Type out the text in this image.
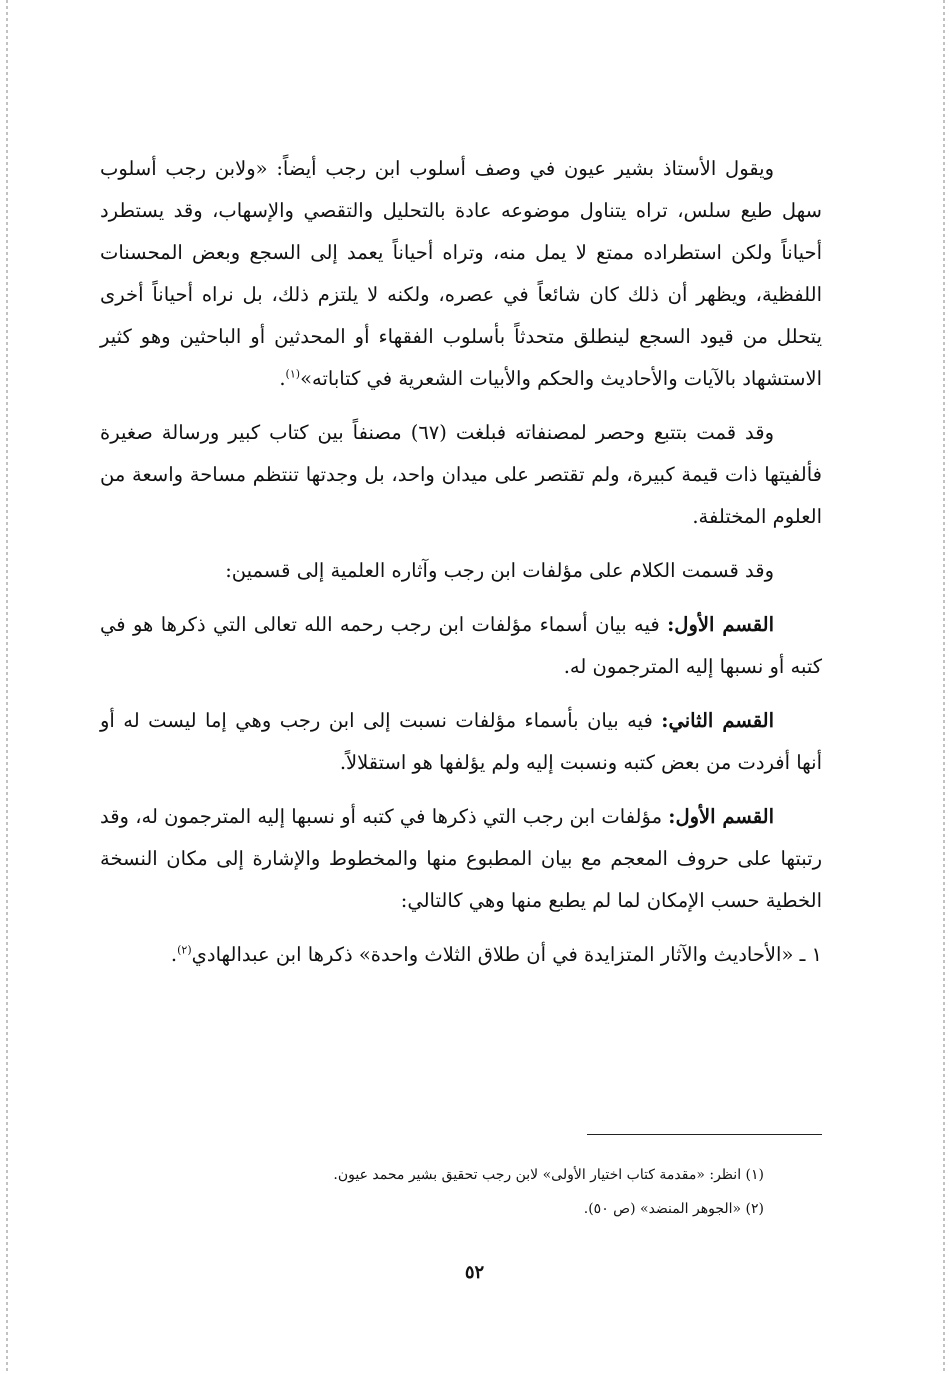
ويقول الأستاذ بشير عيون في وصف أسلوب ابن رجب أيضاً: «ولابن رجب أسلوب سهل طيع سلس، تراه يتناول موضوعه عادة بالتحليل والتقصي والإسهاب، وقد يستطرد أحياناً ولكن استطراده ممتع لا يمل منه، وتراه أحياناً يعمد إلى السجع وبعض المحسنات اللفظية، ويظهر أن ذلك كان شائعاً في عصره، ولكنه لا يلتزم ذلك، بل نراه أحياناً أخرى يتحلل من قيود السجع لينطلق متحدثاً بأسلوب الفقهاء أو المحدثين أو الباحثين وهو كثير الاستشهاد بالآيات والأحاديث والحكم والأبيات الشعرية في كتاباته»$^{(١)}$.

وقد قمت بتتبع وحصر لمصنفاته فبلغت (٦٧) مصنفاً بين كتاب كبير ورسالة صغيرة فألفيتها ذات قيمة كبيرة، ولم تقتصر على ميدان واحد، بل وجدتها تنتظم مساحة واسعة من العلوم المختلفة.

وقد قسمت الكلام على مؤلفات ابن رجب وآثاره العلمية إلى قسمين:

القسم الأول: فيه بيان أسماء مؤلفات ابن رجب رحمه الله تعالى التي ذكرها هو في كتبه أو نسبها إليه المترجمون له.

القسم الثاني: فيه بيان بأسماء مؤلفات نسبت إلى ابن رجب وهي إما ليست له أو أنها أفردت من بعض كتبه ونسبت إليه ولم يؤلفها هو استقلالاً.

القسم الأول: مؤلفات ابن رجب التي ذكرها في كتبه أو نسبها إليه المترجمون له، وقد رتبتها على حروف المعجم مع بيان المطبوع منها والمخطوط والإشارة إلى مكان النسخة الخطية حسب الإمكان لما لم يطبع منها وهي كالتالي:

١ ـ «الأحاديث والآثار المتزايدة في أن طلاق الثلاث واحدة» ذكرها ابن عبدالهادي$^{(٢)}$.

(١) انظر: «مقدمة كتاب اختيار الأولى» لابن رجب تحقيق بشير محمد عيون.

(٢) «الجوهر المنضد» (ص ٥٠).

٥٢
